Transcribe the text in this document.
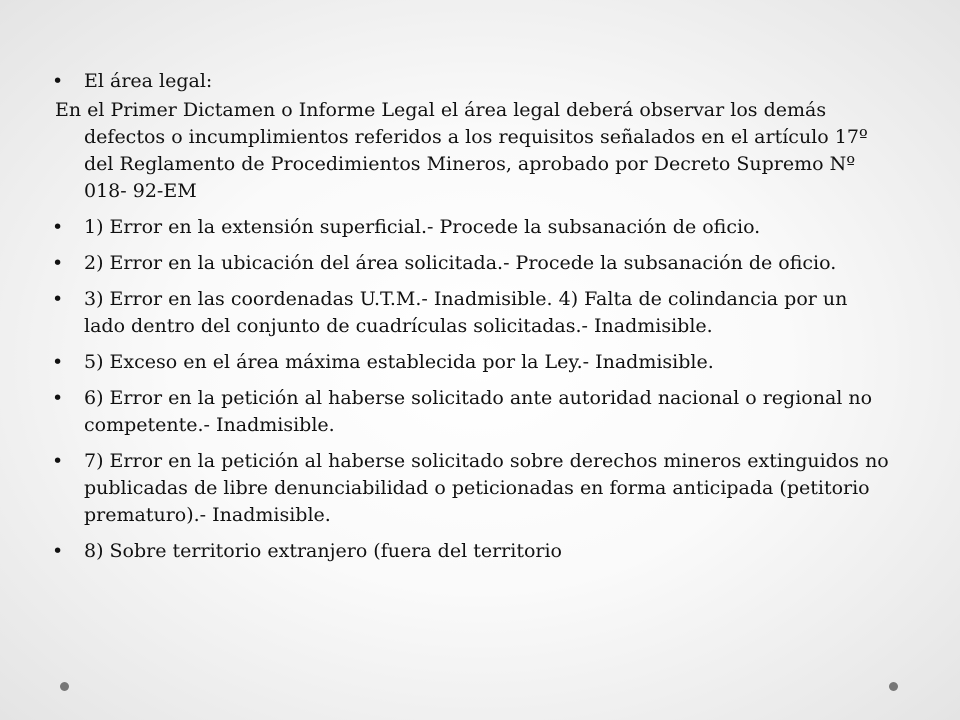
•	El área legal:
En el Primer Dictamen o Informe Legal el área legal deberá observar los demás defectos o incumplimientos referidos a los requisitos señalados en el artículo 17º del Reglamento de Procedimientos Mineros, aprobado por Decreto Supremo Nº 018- 92-EM
•	1) Error en la extensión superficial.- Procede la subsanación de oficio.
•	2) Error en la ubicación del área solicitada.- Procede la subsanación de oficio.
•	3) Error en las coordenadas U.T.M.- Inadmisible. 4) Falta de colindancia por un lado dentro del conjunto de cuadrículas solicitadas.- Inadmisible.
•	5) Exceso en el área máxima establecida por la Ley.- Inadmisible.
•	6) Error en la petición al haberse solicitado ante autoridad nacional o regional no competente.- Inadmisible.
•	7) Error en la petición al haberse solicitado sobre derechos mineros extinguidos no publicadas de libre denunciabilidad o peticionadas en forma anticipada (petitorio prematuro).- Inadmisible.
•	8) Sobre territorio extranjero (fuera del territorio
